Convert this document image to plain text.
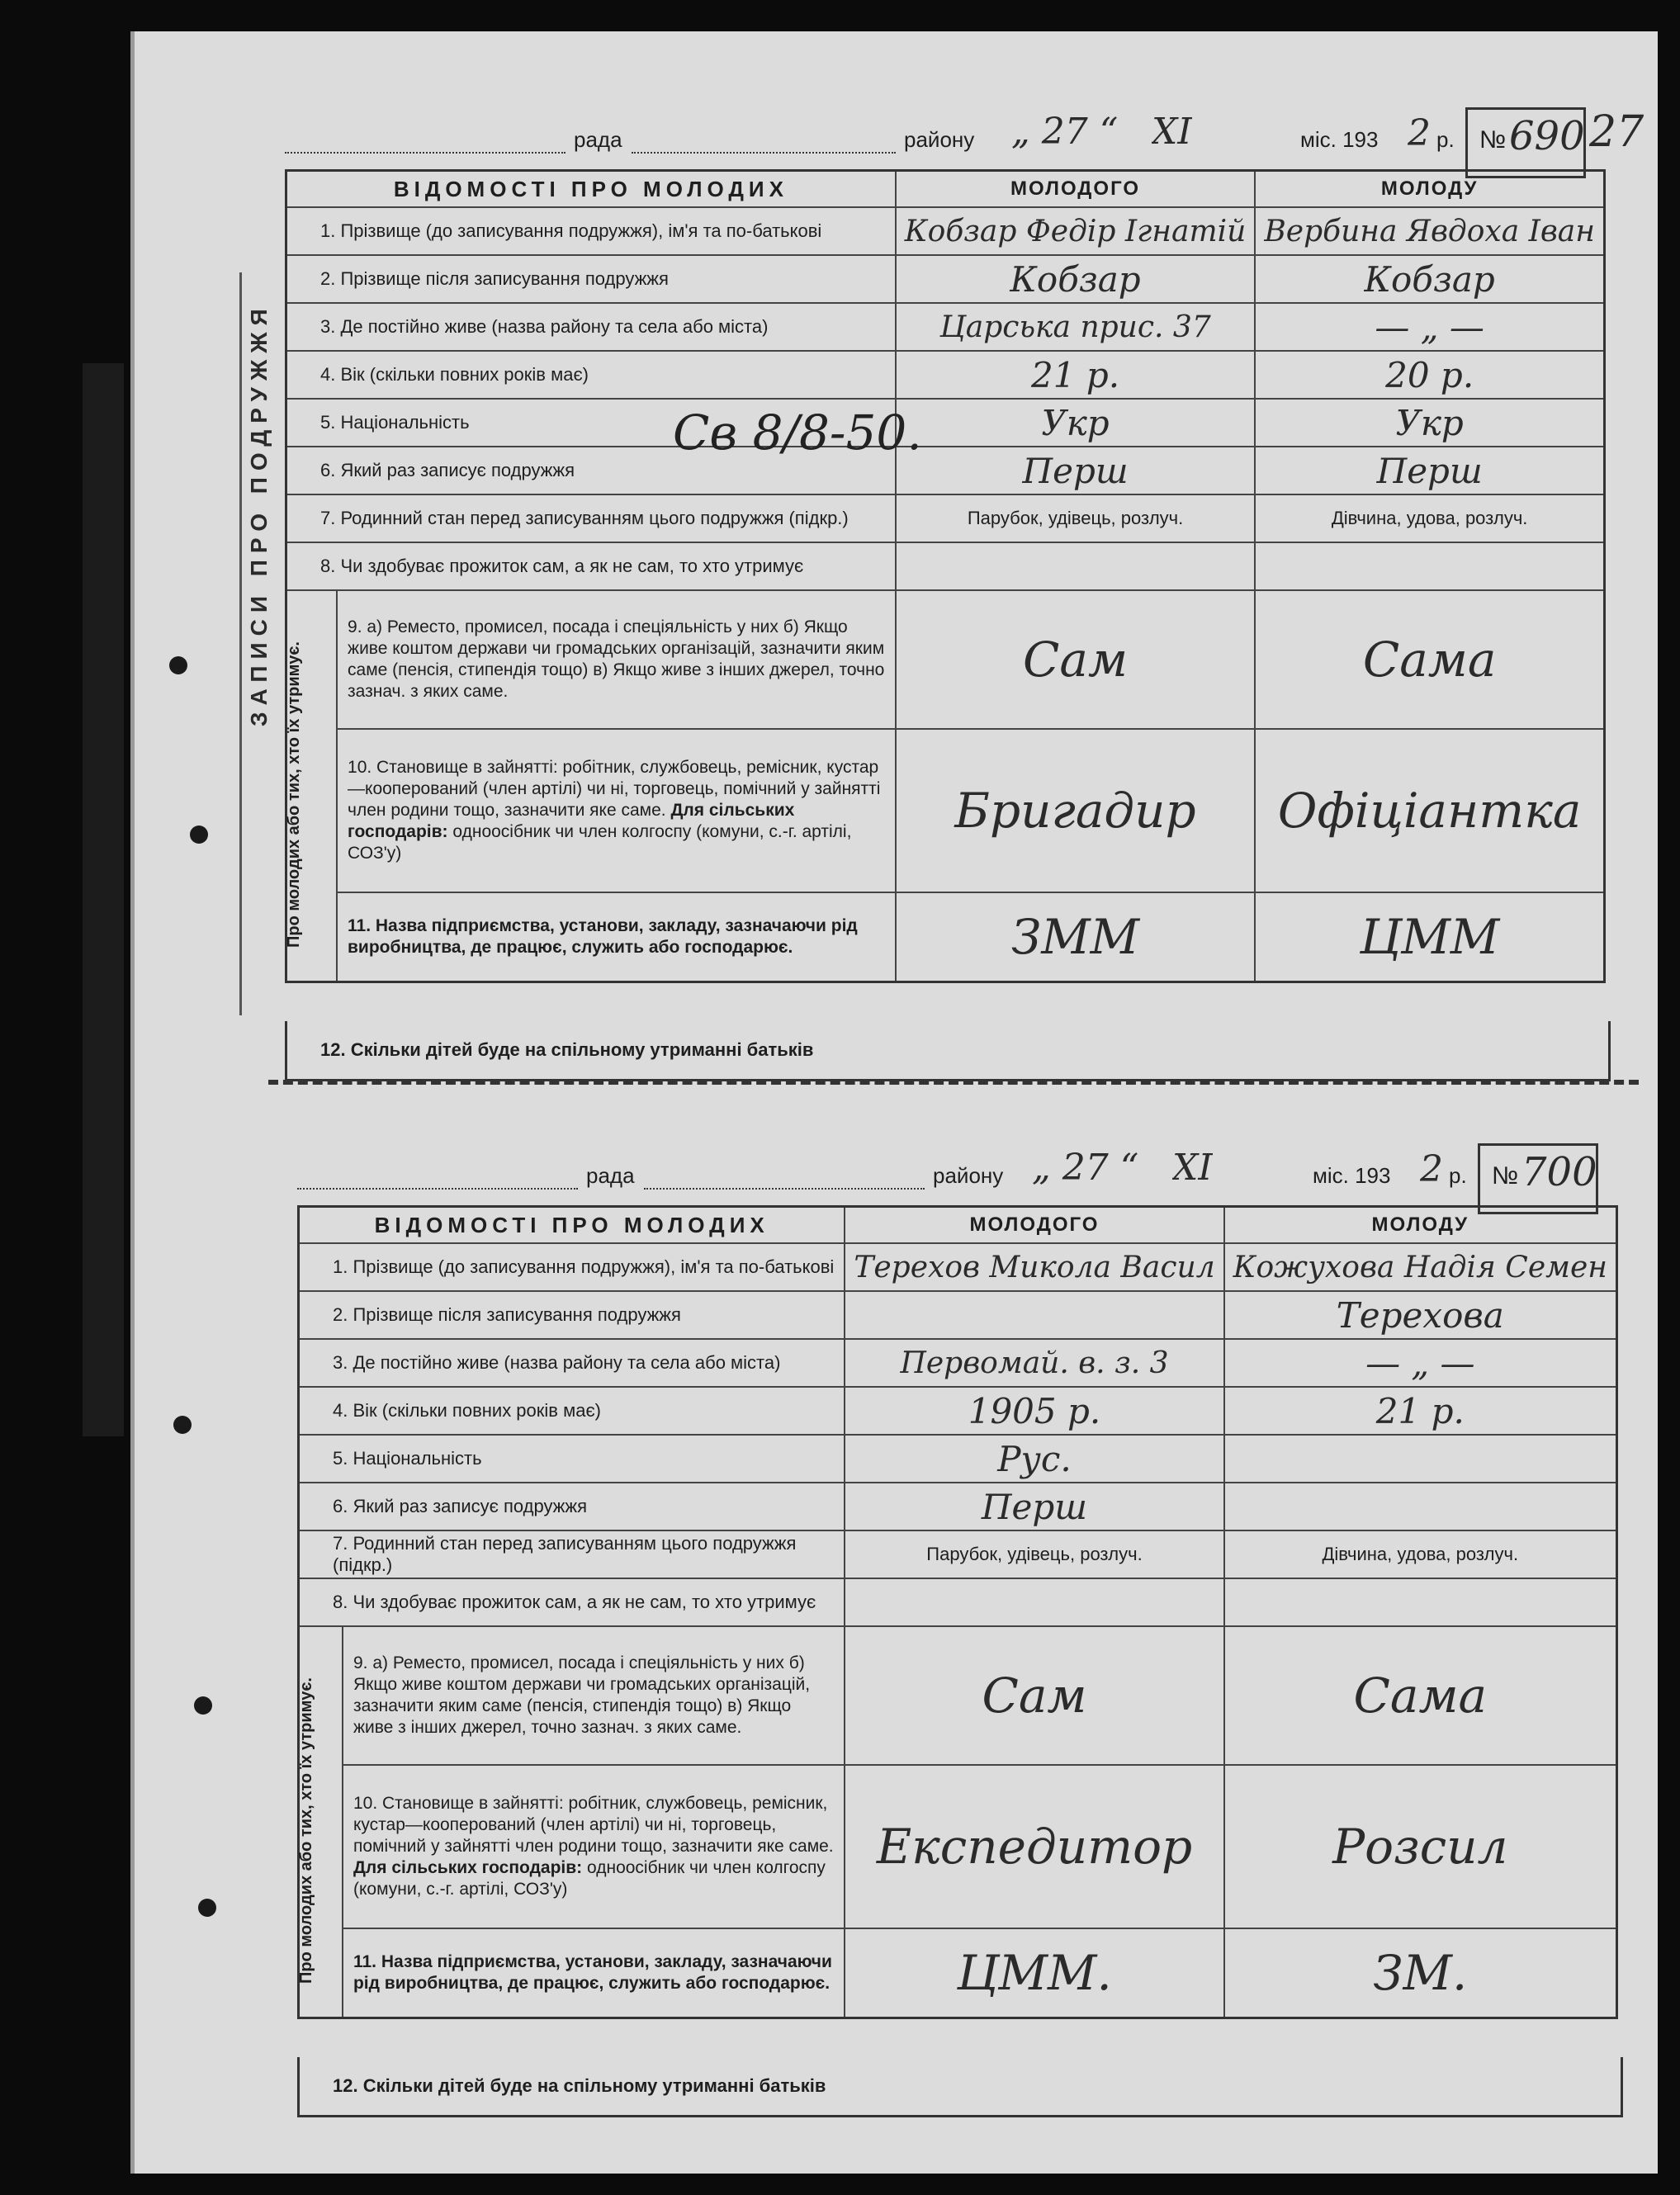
ЗАПИСИ ПРО ПОДРУЖЖЯ
рада	району „ 27 “ XI	міс. 193 2 р. № 690 27
ВІДОМОСТІ ПРО МОЛОДИХ		МОЛОДОГО	МОЛОДУ
1. Прізвище (до записування подружжя), ім'я та по-батькові		Кобзар Федір Ігнатій	Вербина Явдоха Іван
2. Прізвище після записування подружжя		Кобзар	Кобзар
3. Де постійно живе (назва району та села або міста)		Царська прис. 37	— „ —
4. Вік (скільки повних років має)		21 р.	20 р.
5. Національність		Укр	Укр
6. Який раз записує подружжя		Перш	Перш
7. Родинний стан перед записуванням цього подружжя (підкр.)		Парубок, удівець, розлуч.	Дівчина, удова, розлуч.
8. Чи здобуває прожиток сам, а як не сам, то хто утримує			

Про молодих або тих, хто їх утримує.	9. а) Реместо, промисел, посада і спеціяльність у них б) Якщо живе коштом держави чи громадських організацій, зазначити яким саме (пенсія, стипендія тощо) в) Якщо живе з інших джерел, точно зазнач. з яких саме.	Сам	Сама
	10. Становище в зайнятті: робітник, службовець, ремісник, кустар—кооперований (член артілі) чи ні, торговець, помічний у зайнятті член родини тощо, зазначити яке саме. Для сільських господарів: одноосібник чи член колгоспу (комуни, с.-г. артілі, СОЗ'у)	Бригадир	Офіціантка
	11. Назва підприємства, установи, закладу, зазначаючи рід виробництва, де працює, служить або господарює.	ЗММ	ЦММ
12. Скільки дітей буде на спільному утриманні батьків
Св 8/8-50.
рада	району „ 27 “ XI	міс. 193 2 р. № 700
ВІДОМОСТІ ПРО МОЛОДИХ		МОЛОДОГО	МОЛОДУ
1. Прізвище (до записування подружжя), ім'я та по-батькові		Терехов Микола Васил	Кожухова Надія Семен
2. Прізвище після записування подружжя			Терехова
3. Де постійно живе (назва району та села або міста)		Первомай. в. з. 3	— „ —
4. Вік (скільки повних років має)		1905 р.	21 р.
5. Національність		Рус.	
6. Який раз записує подружжя		Перш	
7. Родинний стан перед записуванням цього подружжя (підкр.)		Парубок, удівець, розлуч.	Дівчина, удова, розлуч.
8. Чи здобуває прожиток сам, а як не сам, то хто утримує			

Про молодих або тих, хто їх утримує.	9. а) Реместо, промисел, посада і спеціяльність у них б) Якщо живе коштом держави чи громадських організацій, зазначити яким саме (пенсія, стипендія тощо) в) Якщо живе з інших джерел, точно зазнач. з яких саме.	Сам	Сама
	10. Становище в зайнятті: робітник, службовець, ремісник, кустар—кооперований (член артілі) чи ні, торговець, помічний у зайнятті член родини тощо, зазначити яке саме. Для сільських господарів: одноосібник чи член колгоспу (комуни, с.-г. артілі, СОЗ'у)	Експедитор	Розсил
	11. Назва підприємства, установи, закладу, зазначаючи рід виробництва, де працює, служить або господарює.	ЦММ.	ЗМ.
12. Скільки дітей буде на спільному утриманні батьків
